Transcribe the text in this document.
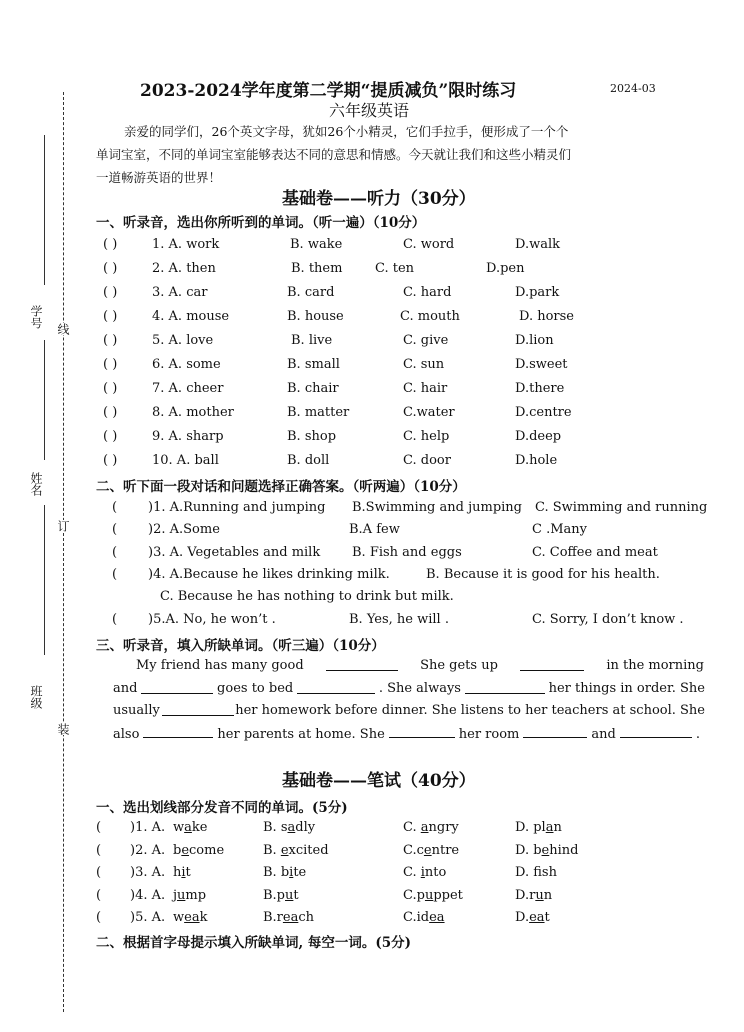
学号
姓名
班级
线
订
装
2023-2024学年度第二学期“提质减负”限时练习	2024-03
六年级英语
亲爱的同学们，26个英文字母，犹如26个小精灵，它们手拉手，便形成了一个个
单词宝室，不同的单词宝室能够表达不同的意思和情感。今天就让我们和这些小精灵们
一道畅游英语的世界！
基础卷——听力（30分）
一、听录音，选出你所听到的单词。（听一遍）（10分）
( )	1. A. work	B. wake	C. word	D.walk
( )	2. A. then	B. them	C. ten	D.pen
( )	3. A. car	B. card	C. hard	D.park
( )	4. A. mouse	B. house	C. mouth	D. horse
( )	5. A. love	B. live	C. give	D.lion
( )	6. A. some	B. small	C. sun	D.sweet
( )	7. A. cheer	B. chair	C. hair	D.there
( )	8. A. mother	B. matter	C.water	D.centre
( )	9. A. sharp	B. shop	C. help	D.deep
( )	10. A. ball	B. doll	C. door	D.hole
二、听下面一段对话和问题选择正确答案。（听两遍）（10分）
( )1. A.Running and jumping B.Swimming and jumping C. Swimming and running
( )2. A.Some	B.A few	C .Many
( )3. A. Vegetables and milk B. Fish and eggs	C. Coffee and meat
( )4. A.Because he likes drinking milk.	B. Because it is good for his health.
C. Because he has nothing to drink but milk.
( )5.A. No, he won’t .	B. Yes, he will .	C. Sorry, I don’t know .
三、听录音，填入所缺单词。（听三遍）（10分）
My friend has many good	She gets up	in the morning
and	goes to bed	. She always	her things in order. She
usually	her homework before dinner. She listens to her teachers at school. She
also	her parents at home. She	her room	and	.
基础卷——笔试（40分）
一、选出划线部分发音不同的单词。(5分)
( )1. A. wake	B. sadly	C. angry	D. plan
( )2. A. become	B. excited	C.centre	D. behind
( )3. A. hit	B. bite	C. into	D. fsh
( )4. A. jump	B.put	C.puppet	D.run
( )5. A. weak	B.reach	C.idea	D.eat
二、根据首字母提示填入所缺单词, 每空一词。(5分)
